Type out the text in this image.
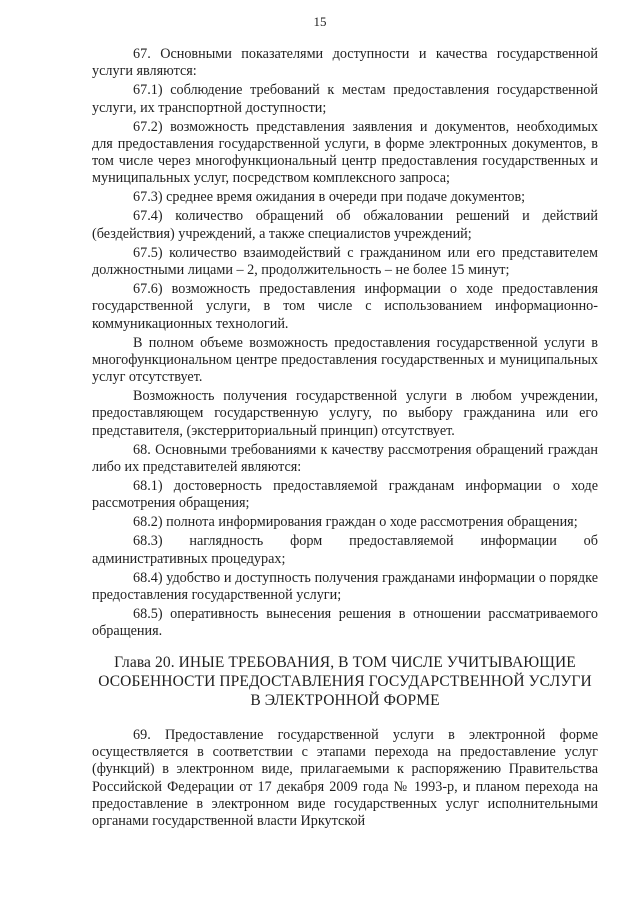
15

67. Основными показателями доступности и качества государственной услуги являются:

67.1) соблюдение требований к местам предоставления государственной услуги, их транспортной доступности;

67.2) возможность представления заявления и документов, необходимых для предоставления государственной услуги, в форме электронных документов, в том числе через многофункциональный центр предоставления государственных и муниципальных услуг, посредством комплексного запроса;

67.3) среднее время ожидания в очереди при подаче документов;

67.4) количество обращений об обжаловании решений и действий (бездействия) учреждений, а также специалистов учреждений;

67.5) количество взаимодействий с гражданином или его представителем должностными лицами – 2, продолжительность – не более 15 минут;

67.6) возможность предоставления информации о ходе предоставления государственной услуги, в том числе с использованием информационно-коммуникационных технологий.

В полном объеме возможность предоставления государственной услуги в многофункциональном центре предоставления государственных и муниципальных услуг отсутствует.

Возможность получения государственной услуги в любом учреждении, предоставляющем государственную услугу, по выбору гражданина или его представителя, (экстерриториальный принцип) отсутствует.

68. Основными требованиями к качеству рассмотрения обращений граждан либо их представителей являются:

68.1) достоверность предоставляемой гражданам информации о ходе рассмотрения обращения;

68.2) полнота информирования граждан о ходе рассмотрения обращения;

68.3) наглядность форм предоставляемой информации об административных процедурах;

68.4) удобство и доступность получения гражданами информации о порядке предоставления государственной услуги;

68.5) оперативность вынесения решения в отношении рассматриваемого обращения.

Глава 20. ИНЫЕ ТРЕБОВАНИЯ, В ТОМ ЧИСЛЕ УЧИТЫВАЮЩИЕ ОСОБЕННОСТИ ПРЕДОСТАВЛЕНИЯ ГОСУДАРСТВЕННОЙ УСЛУГИ В ЭЛЕКТРОННОЙ ФОРМЕ

69. Предоставление государственной услуги в электронной форме осуществляется в соответствии с этапами перехода на предоставление услуг (функций) в электронном виде, прилагаемыми к распоряжению Правительства Российской Федерации от 17 декабря 2009 года № 1993-р, и планом перехода на предоставление в электронном виде государственных услуг исполнительными органами государственной власти Иркутской
